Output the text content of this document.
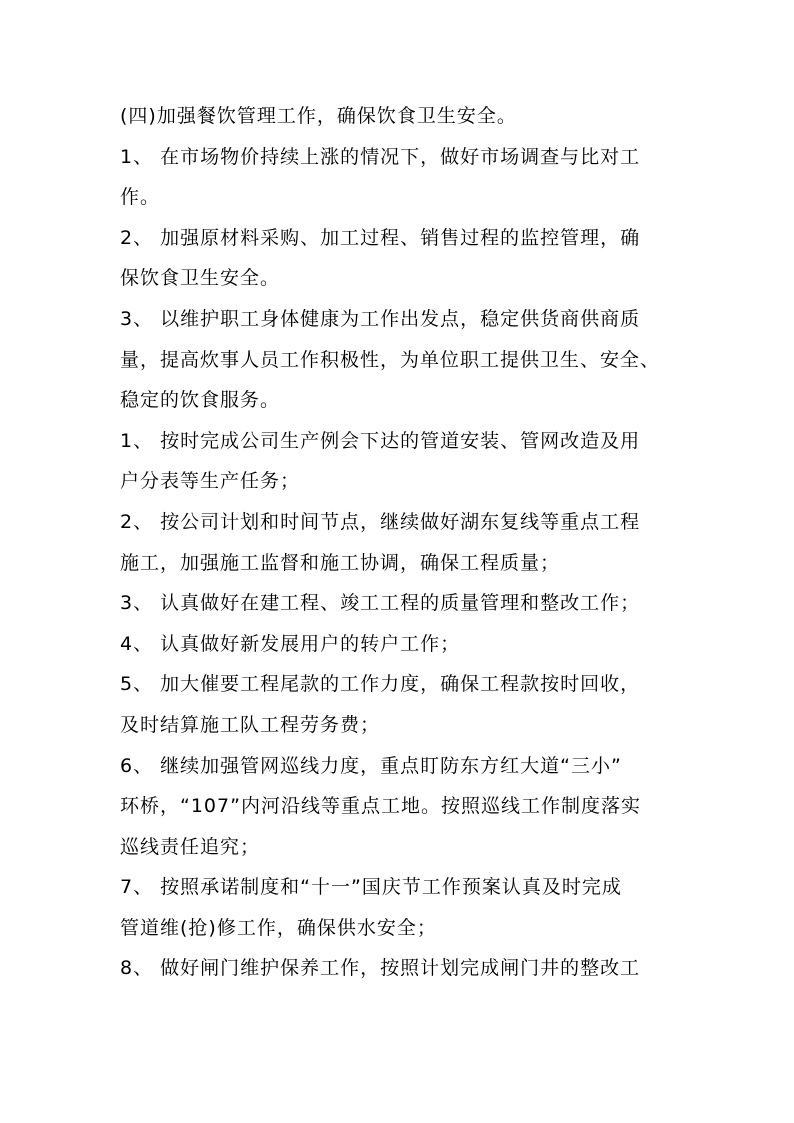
(四)加强餐饮管理工作，确保饮食卫生安全。
1、 在市场物价持续上涨的情况下，做好市场调查与比对工
作。
2、 加强原材料采购、加工过程、销售过程的监控管理，确
保饮食卫生安全。
3、 以维护职工身体健康为工作出发点，稳定供货商供商质
量，提高炊事人员工作积极性，为单位职工提供卫生、安全、
稳定的饮食服务。
1、 按时完成公司生产例会下达的管道安装、管网改造及用
户分表等生产任务；
2、 按公司计划和时间节点，继续做好湖东复线等重点工程
施工，加强施工监督和施工协调，确保工程质量；
3、 认真做好在建工程、竣工工程的质量管理和整改工作；
4、 认真做好新发展用户的转户工作；
5、 加大催要工程尾款的工作力度，确保工程款按时回收，
及时结算施工队工程劳务费；
6、 继续加强管网巡线力度，重点盯防东方红大道“三小”
环桥，“107”内河沿线等重点工地。按照巡线工作制度落实
巡线责任追究；
7、 按照承诺制度和“十一”国庆节工作预案认真及时完成
管道维(抢)修工作，确保供水安全；
8、 做好闸门维护保养工作，按照计划完成闸门井的整改工
